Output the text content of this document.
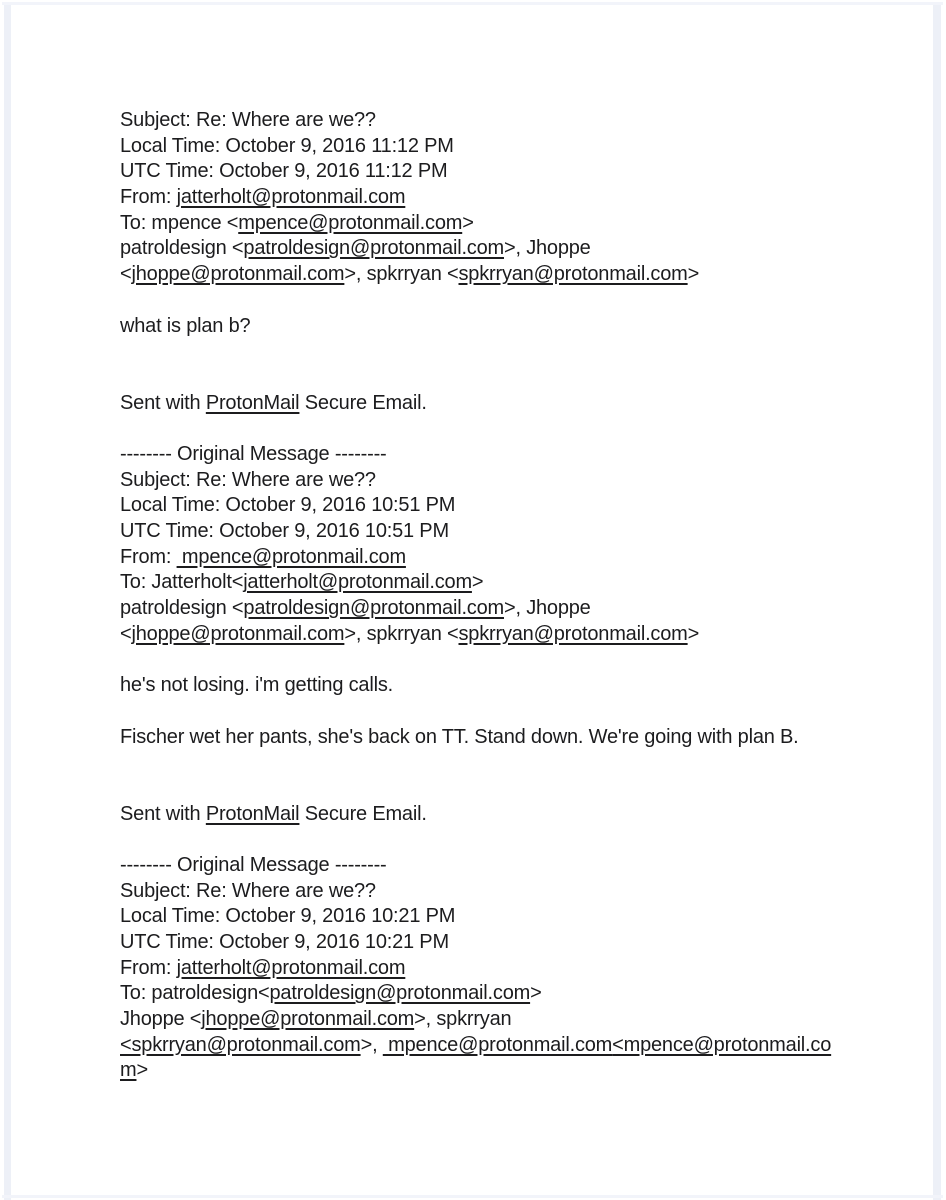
Subject: Re: Where are we??
Local Time: October 9, 2016 11:12 PM
UTC Time: October 9, 2016 11:12 PM
From: jatterholt@protonmail.com
To: mpence <mpence@protonmail.com>
patroldesign <patroldesign@protonmail.com>, Jhoppe
<jhoppe@protonmail.com>, spkrryan <spkrryan@protonmail.com>
what is plan b?
Sent with ProtonMail Secure Email.
-------- Original Message --------
Subject: Re: Where are we??
Local Time: October 9, 2016 10:51 PM
UTC Time: October 9, 2016 10:51 PM
From:  mpence@protonmail.com
To: Jatterholt<jatterholt@protonmail.com>
patroldesign <patroldesign@protonmail.com>, Jhoppe
<jhoppe@protonmail.com>, spkrryan <spkrryan@protonmail.com>
he's not losing. i'm getting calls.
Fischer wet her pants, she's back on TT. Stand down. We're going with plan B.
Sent with ProtonMail Secure Email.
-------- Original Message --------
Subject: Re: Where are we??
Local Time: October 9, 2016 10:21 PM
UTC Time: October 9, 2016 10:21 PM
From: jatterholt@protonmail.com
To: patroldesign<patroldesign@protonmail.com>
Jhoppe <jhoppe@protonmail.com>, spkrryan
<spkrryan@protonmail.com>,  mpence@protonmail.com<mpence@protonmail.co
m>
